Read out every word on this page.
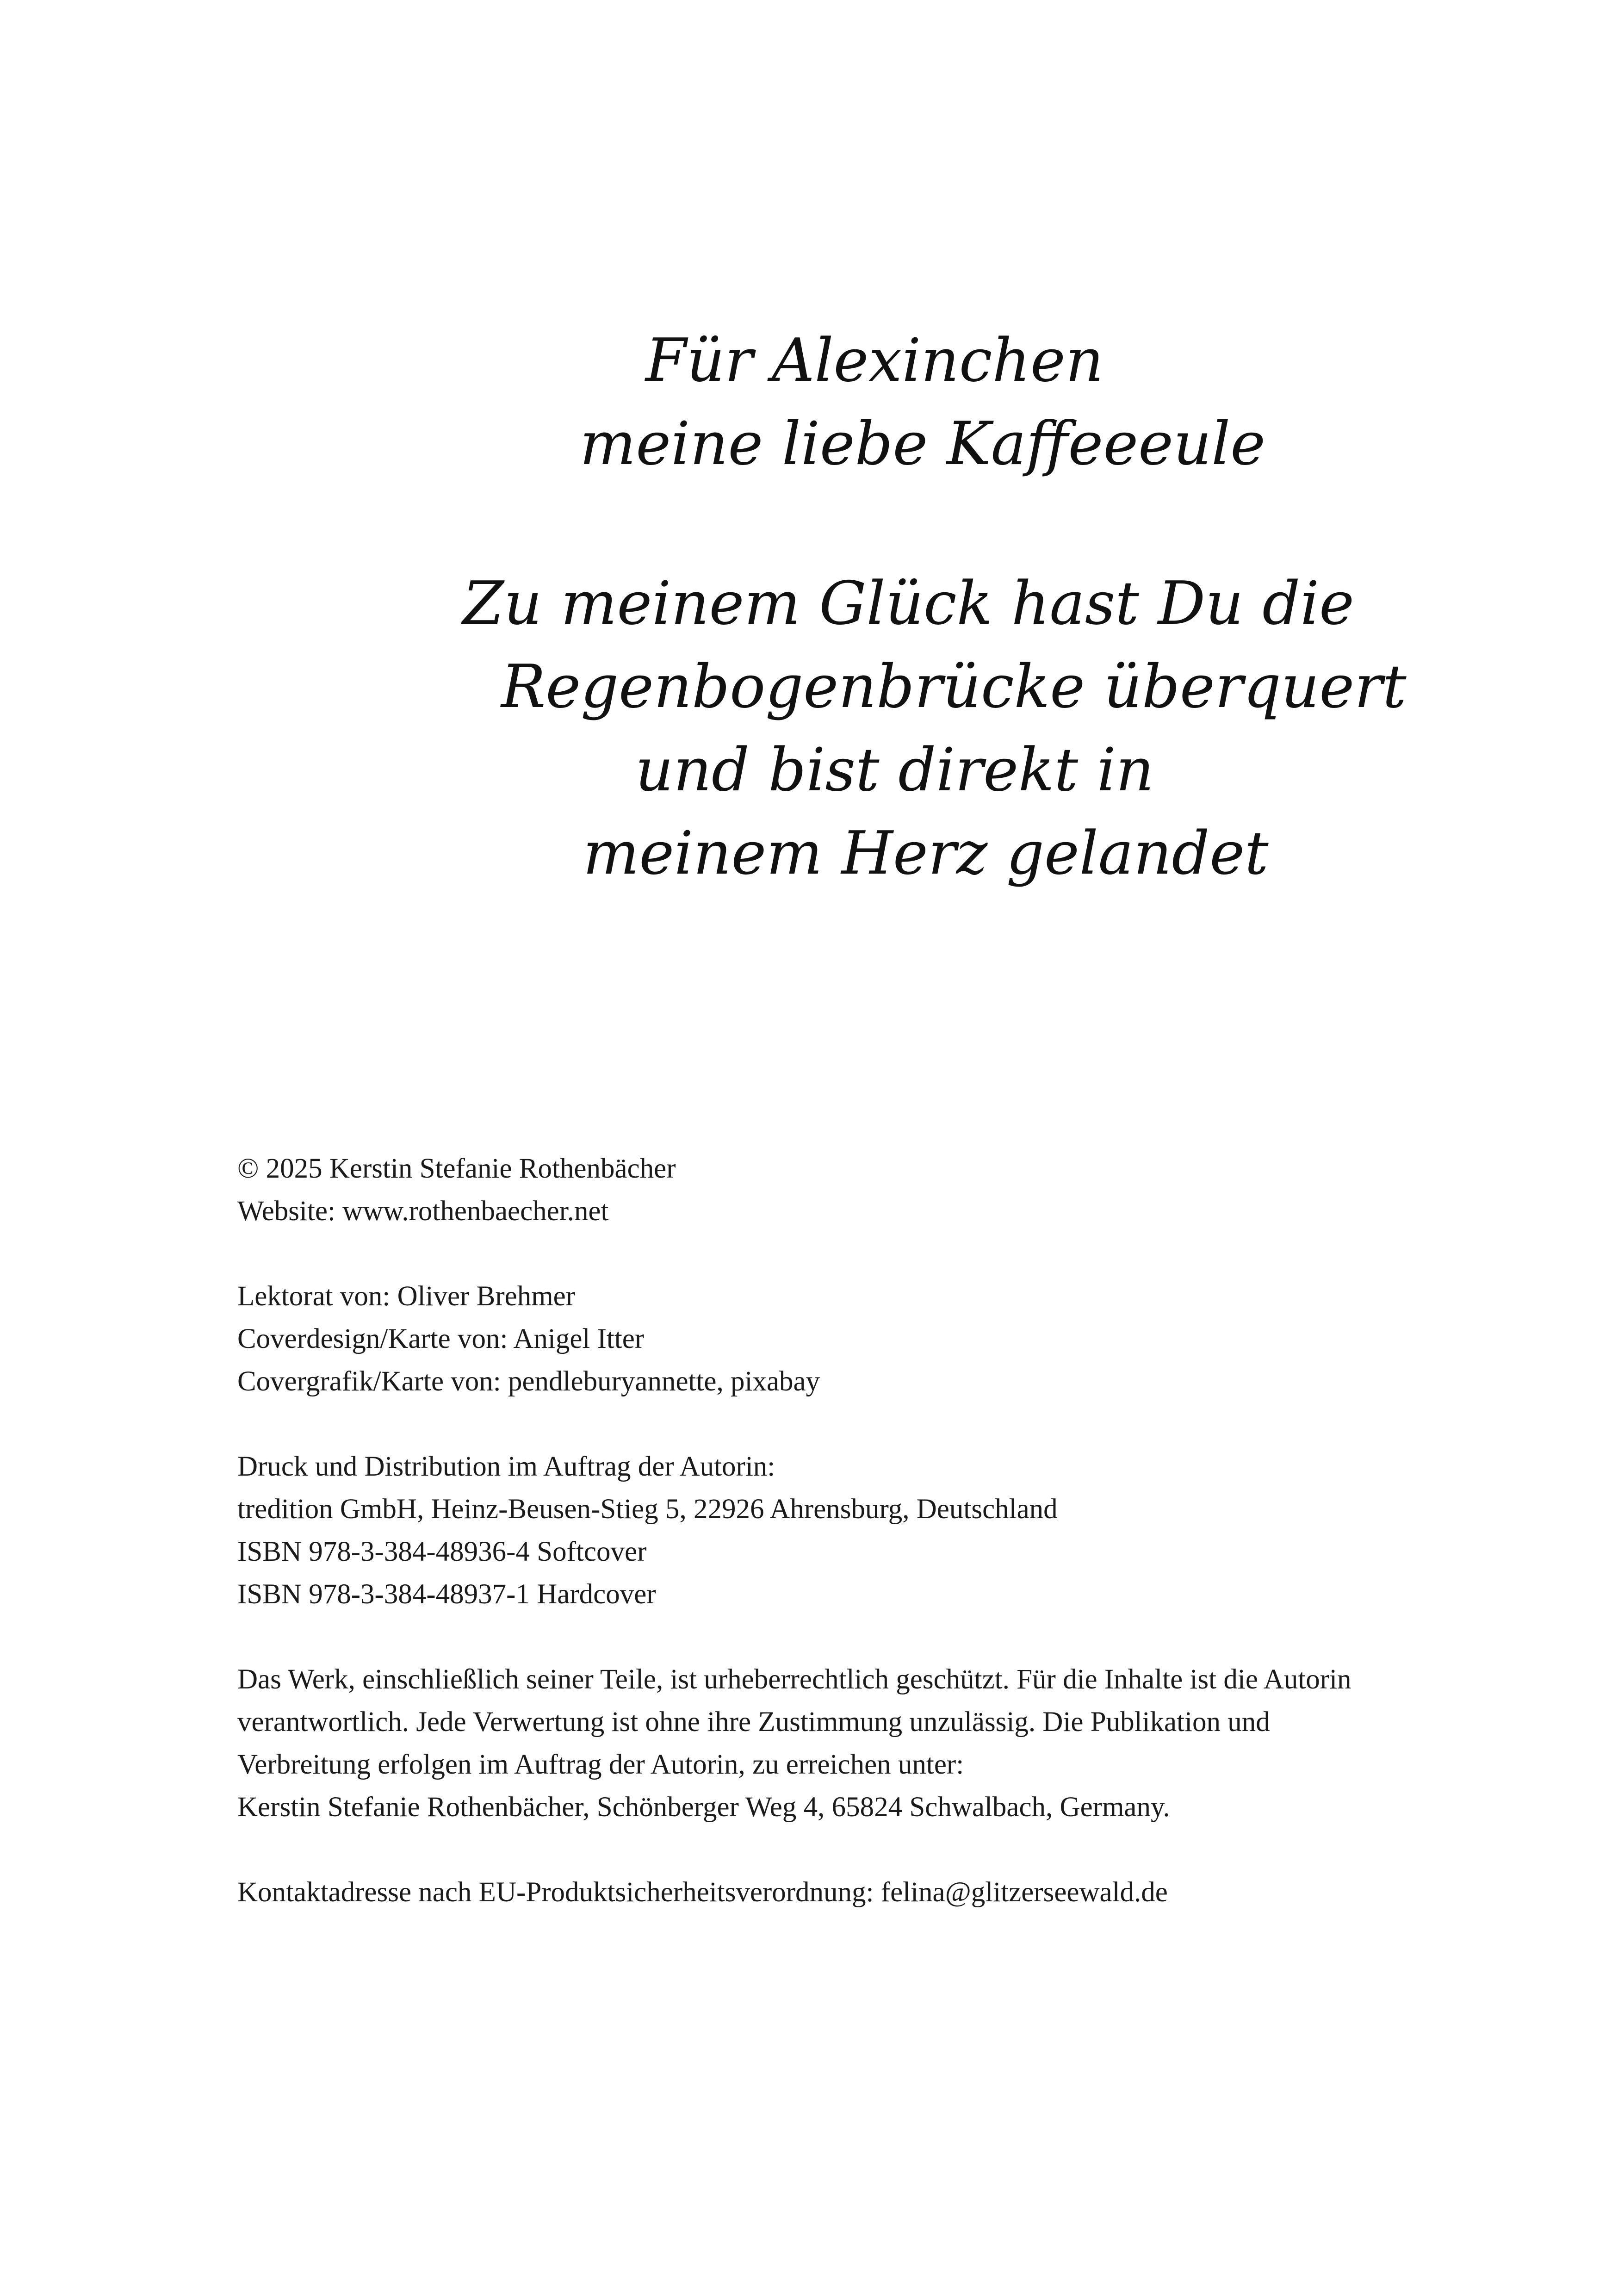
Für Alexinchen
meine liebe Kaffeeeule
Zu meinem Glück hast Du die
Regenbogenbrücke überquert
und bist direkt in
meinem Herz gelandet

© 2025 Kerstin Stefanie Rothenbächer

Website: www.rothenbaecher.net

Lektorat von: Oliver Brehmer

Coverdesign/Karte von: Anigel Itter

Covergrafik/Karte von: pendleburyannette, pixabay

Druck und Distribution im Auftrag der Autorin:

tredition GmbH, Heinz-Beusen-Stieg 5, 22926 Ahrensburg, Deutschland

ISBN 978-3-384-48936-4 Softcover

ISBN 978-3-384-48937-1 Hardcover

Das Werk, einschließlich seiner Teile, ist urheberrechtlich geschützt. Für die Inhalte ist die Autorin

verantwortlich. Jede Verwertung ist ohne ihre Zustimmung unzulässig. Die Publikation und

Verbreitung erfolgen im Auftrag der Autorin, zu erreichen unter:

Kerstin Stefanie Rothenbächer, Schönberger Weg 4, 65824 Schwalbach, Germany.

Kontaktadresse nach EU-Produktsicherheitsverordnung: felina@glitzerseewald.de
